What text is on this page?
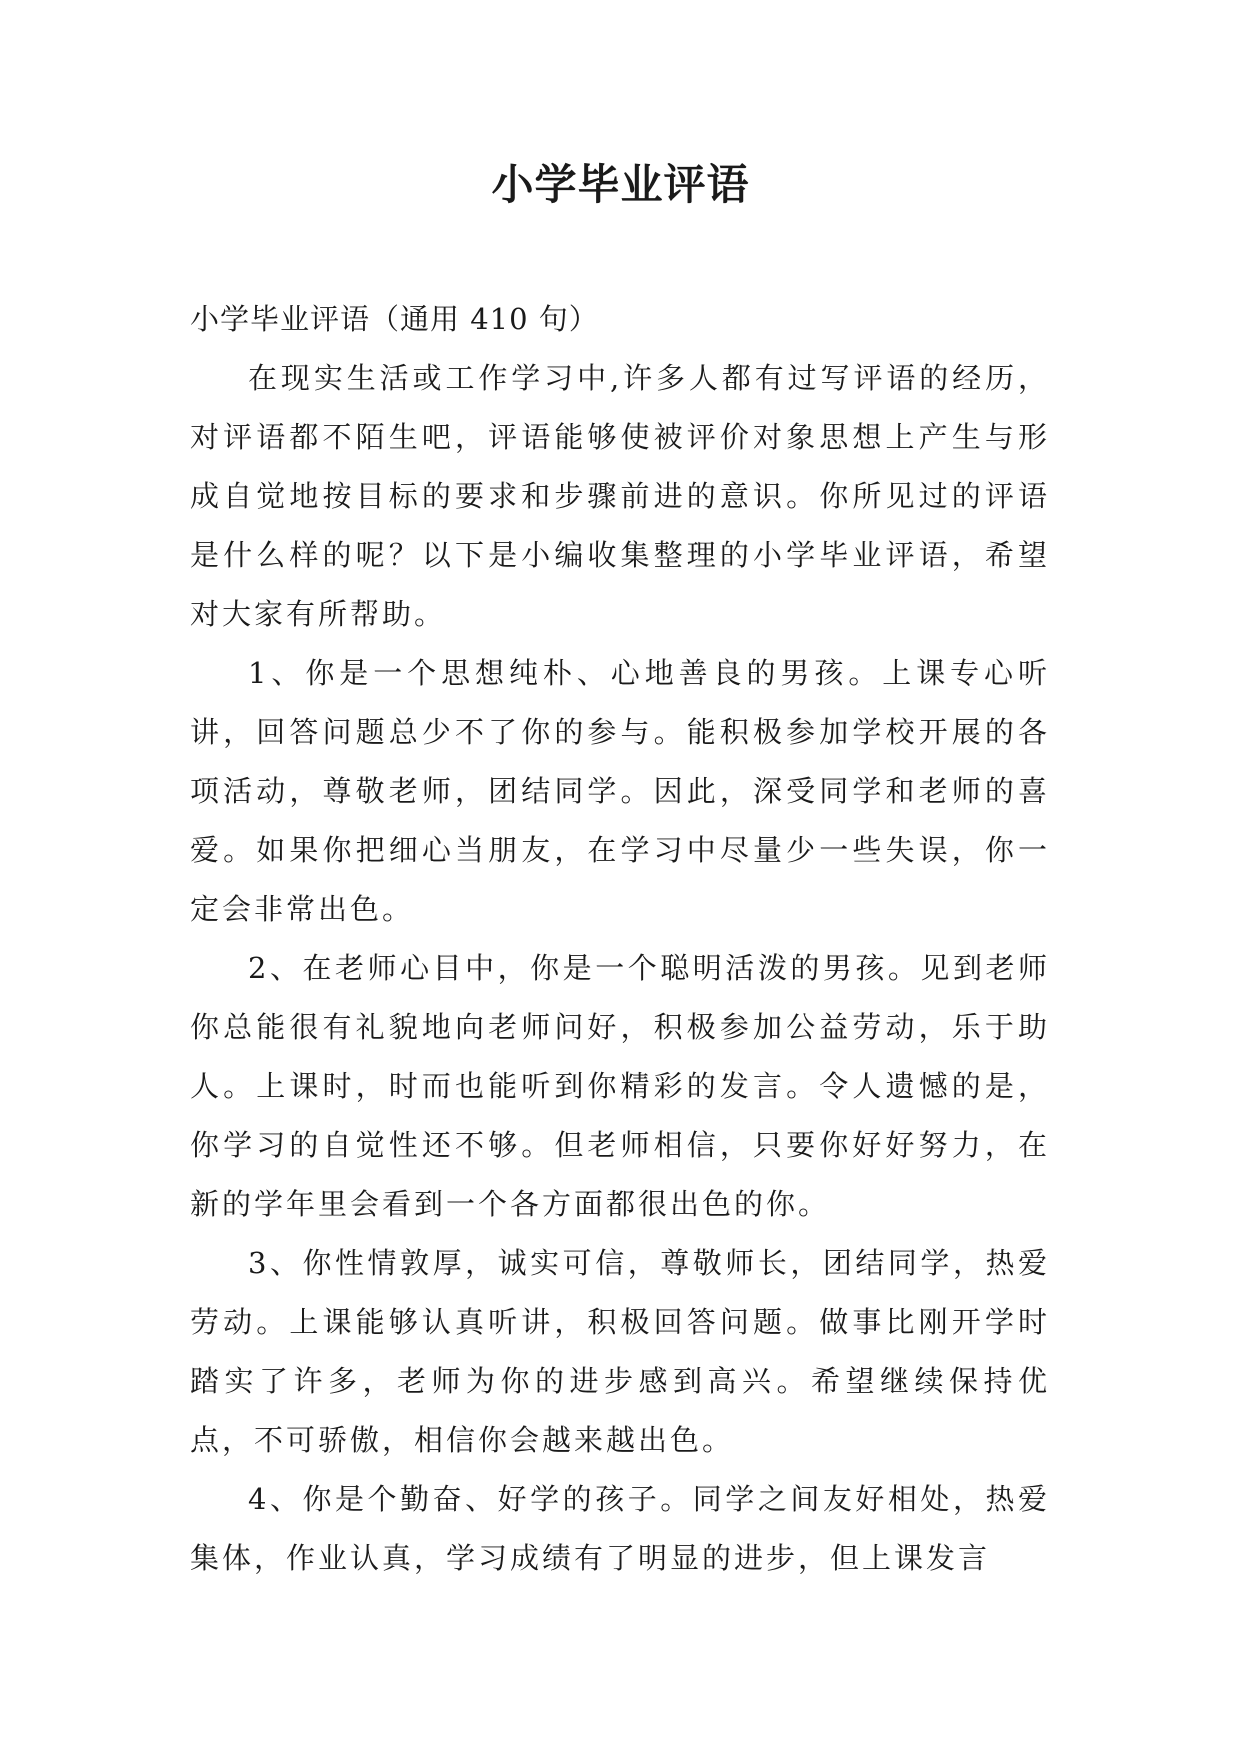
小学毕业评语

小学毕业评语（通用 410 句）

在现实生活或工作学习中,许多人都有过写评语的经历，对评语都不陌生吧，评语能够使被评价对象思想上产生与形成自觉地按目标的要求和步骤前进的意识。你所见过的评语是什么样的呢？以下是小编收集整理的小学毕业评语，希望对大家有所帮助。

1、你是一个思想纯朴、心地善良的男孩。上课专心听讲，回答问题总少不了你的参与。能积极参加学校开展的各项活动，尊敬老师，团结同学。因此，深受同学和老师的喜爱。如果你把细心当朋友，在学习中尽量少一些失误，你一定会非常出色。

2、在老师心目中，你是一个聪明活泼的男孩。见到老师你总能很有礼貌地向老师问好，积极参加公益劳动，乐于助人。上课时，时而也能听到你精彩的发言。令人遗憾的是，你学习的自觉性还不够。但老师相信，只要你好好努力，在新的学年里会看到一个各方面都很出色的你。

3、你性情敦厚，诚实可信，尊敬师长，团结同学，热爱劳动。上课能够认真听讲，积极回答问题。做事比刚开学时踏实了许多，老师为你的进步感到高兴。希望继续保持优点，不可骄傲，相信你会越来越出色。

4、你是个勤奋、好学的孩子。同学之间友好相处，热爱集体，作业认真，学习成绩有了明显的进步，但上课发言
